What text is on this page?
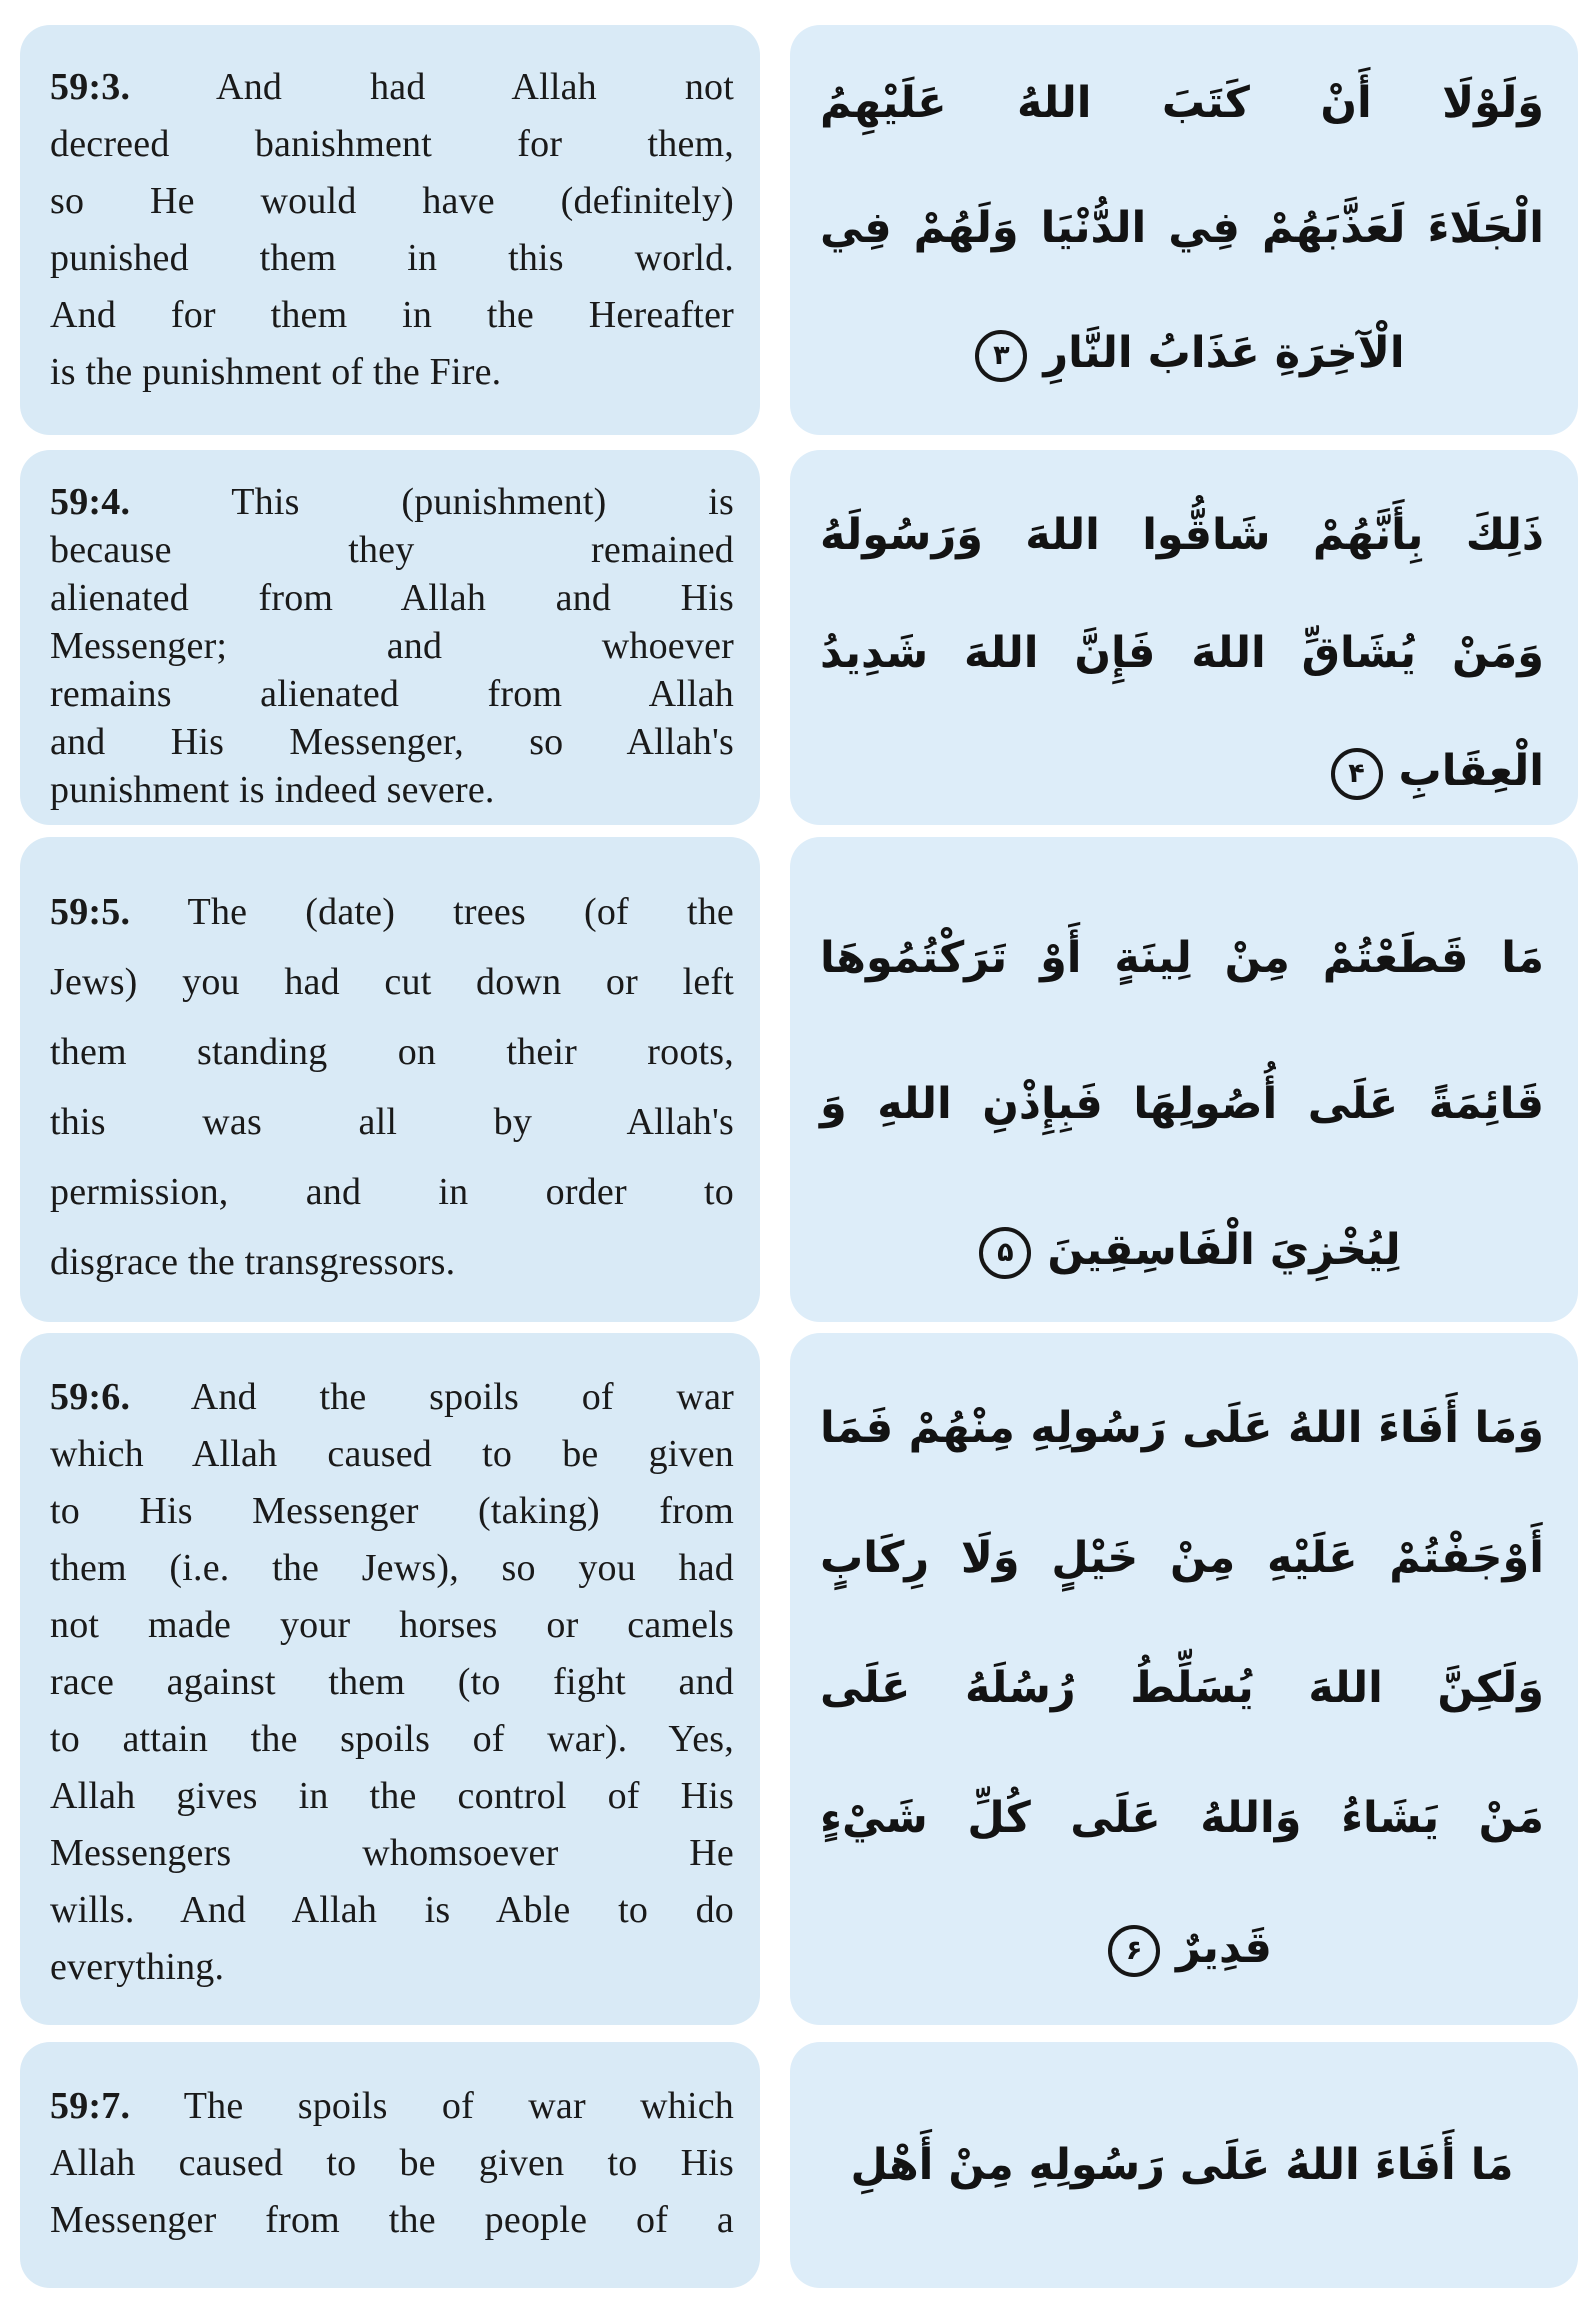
59:3. And had Allah not
decreed banishment for them,
so He would have (definitely)
punished them in this world.
And for them in the Hereafter
is the punishment of the Fire.
وَلَوْلَا أَنْ كَتَبَ اللهُ عَلَيْهِمُ
الْجَلَاءَ لَعَذَّبَهُمْ فِي الدُّنْيَا وَلَهُمْ فِي
الْآخِرَةِ عَذَابُ النَّارِ۳
59:4.	This (punishment) is
because they remained
alienated from Allah and His
Messenger; and whoever
remains alienated from Allah
and His Messenger, so Allah's
punishment is indeed severe.
ذَلِكَ بِأَنَّهُمْ شَاقُّوا اللهَ وَرَسُولَهُ
وَمَنْ يُشَاقِّ اللهَ فَإِنَّ اللهَ شَدِيدُ
الْعِقَابِ۴
59:5. The (date) trees (of the
Jews) you had cut down or left
them standing on their roots,
this was all by Allah's
permission, and in order to
disgrace the transgressors.
مَا قَطَعْتُمْ مِنْ لِينَةٍ أَوْ تَرَكْتُمُوهَا
قَائِمَةً عَلَى أُصُولِهَا فَبِإِذْنِ اللهِ وَ
لِيُخْزِيَ الْفَاسِقِينَ۵
59:6. And the spoils of war
which Allah caused to be given
to His Messenger (taking) from
them (i.e. the Jews), so you had
not made your horses or camels
race against them (to fight and
to attain the spoils of war). Yes,
Allah gives in the control of His
Messengers whomsoever He
wills. And Allah is Able to do
everything.
وَمَا أَفَاءَ اللهُ عَلَى رَسُولِهِ مِنْهُمْ فَمَا
أَوْجَفْتُمْ عَلَيْهِ مِنْ خَيْلٍ وَلَا رِكَابٍ
وَلَكِنَّ اللهَ يُسَلِّطُ رُسُلَهُ عَلَى
مَنْ يَشَاءُ وَاللهُ عَلَى كُلِّ شَيْءٍ
قَدِيرٌ۶
59:7. The spoils of war which
Allah caused to be given to His
Messenger from the people of a
مَا أَفَاءَ اللهُ عَلَى رَسُولِهِ مِنْ أَهْلِ
